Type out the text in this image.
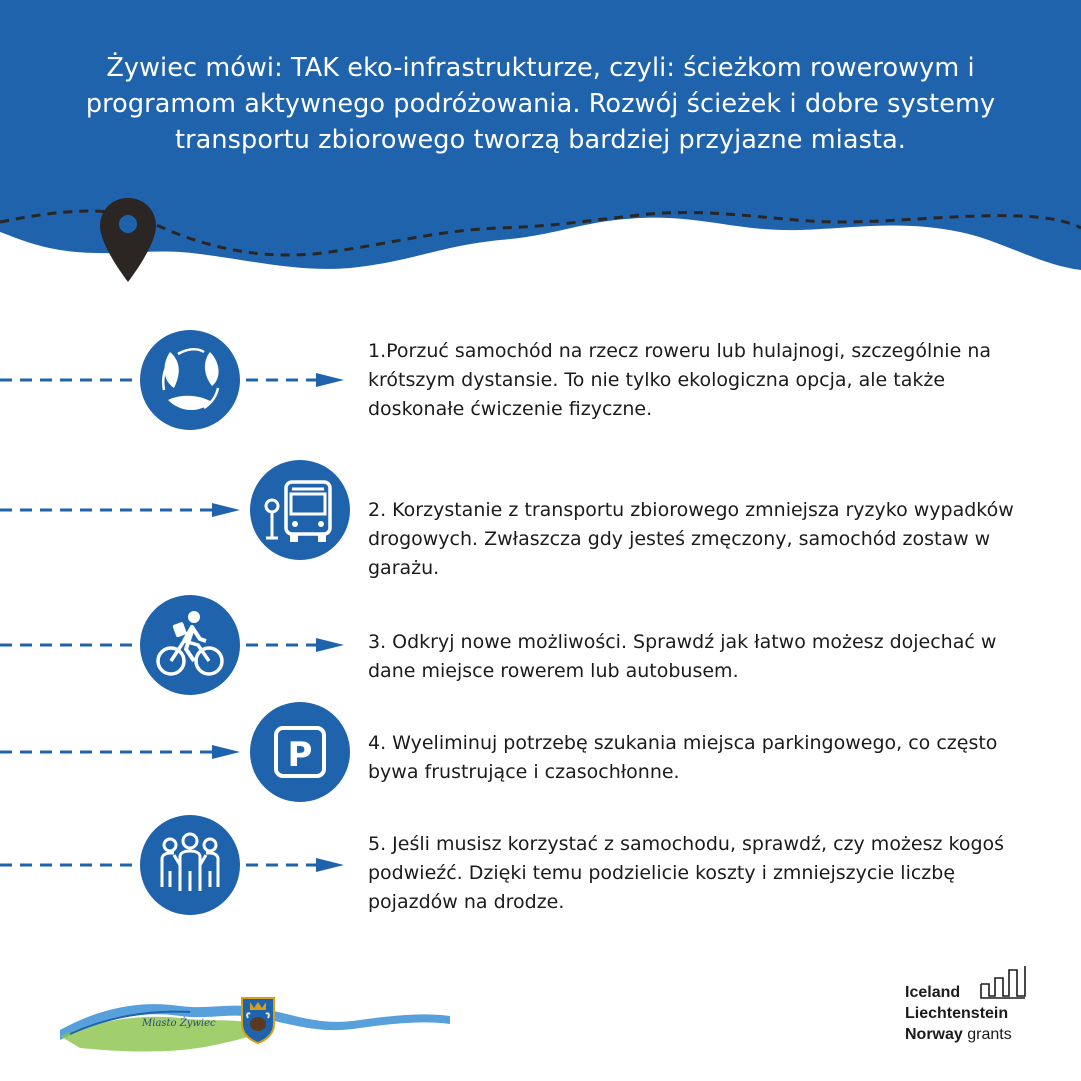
Żywiec mówi: TAK eko-infrastrukturze, czyli: ścieżkom rowerowym i programom aktywnego podróżowania. Rozwój ścieżek i dobre systemy transportu zbiorowego tworzą bardziej przyjazne miasta.

1.Porzuć samochód na rzecz roweru lub hulajnogi, szczególnie na krótszym dystansie. To nie tylko ekologiczna opcja, ale także
doskonałe ćwiczenie fizyczne.

2. Korzystanie z transportu zbiorowego zmniejsza ryzyko wypadków drogowych. Zwłaszcza gdy jesteś zmęczony, samochód zostaw w garażu.

3. Odkryj nowe możliwości. Sprawdź jak łatwo możesz dojechać w dane miejsce rowerem lub autobusem.

P	4. Wyeliminuj potrzebę szukania miejsca parkingowego, co często bywa frustrujące i czasochłonne.

5. Jeśli musisz korzystać z samochodu, sprawdź, czy możesz kogoś podwieźć. Dzięki temu podzielicie koszty i zmniejszycie liczbę pojazdów na drodze.

Miasto Żywiec
Iceland
Liechtenstein
Norway grants
